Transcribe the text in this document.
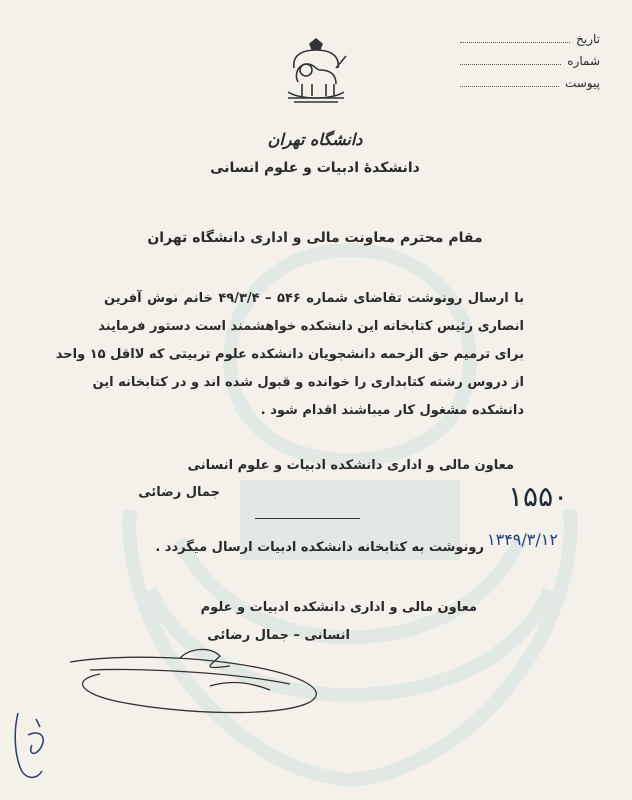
تاریخ
شماره
پیوست
دانشگاه تهران
دانشکدهٔ ادبیات و علوم انسانی
مقام محترم معاونت مالی و اداری دانشگاه تهران
با ارسال رونوشت تقاضای شماره ۵۴۶ – ۴۹/۳/۴ خانم نوش آفرین
انصاری رئیس کتابخانه این دانشکده خواهشمند است دستور فرمایند
برای ترمیم حق الزحمه دانشجویان دانشکده علوم تربیتی که لااقل ۱۵ واحد
از دروس رشته کتابداری را خوانده و قبول شده اند و در کتابخانه این
دانشکده مشغول کار میباشند اقدام شود .
معاون مالی و اداری دانشکده ادبیات و علوم انسانی
جمال رضائی	۱۵۵۰
۱۳۴۹/۳/۱۲
رونوشت به کتابخانه دانشکده ادبیات ارسال میگردد .
معاون مالی و اداری دانشکده ادبیات و علوم
انسانی – جمال رضائی
